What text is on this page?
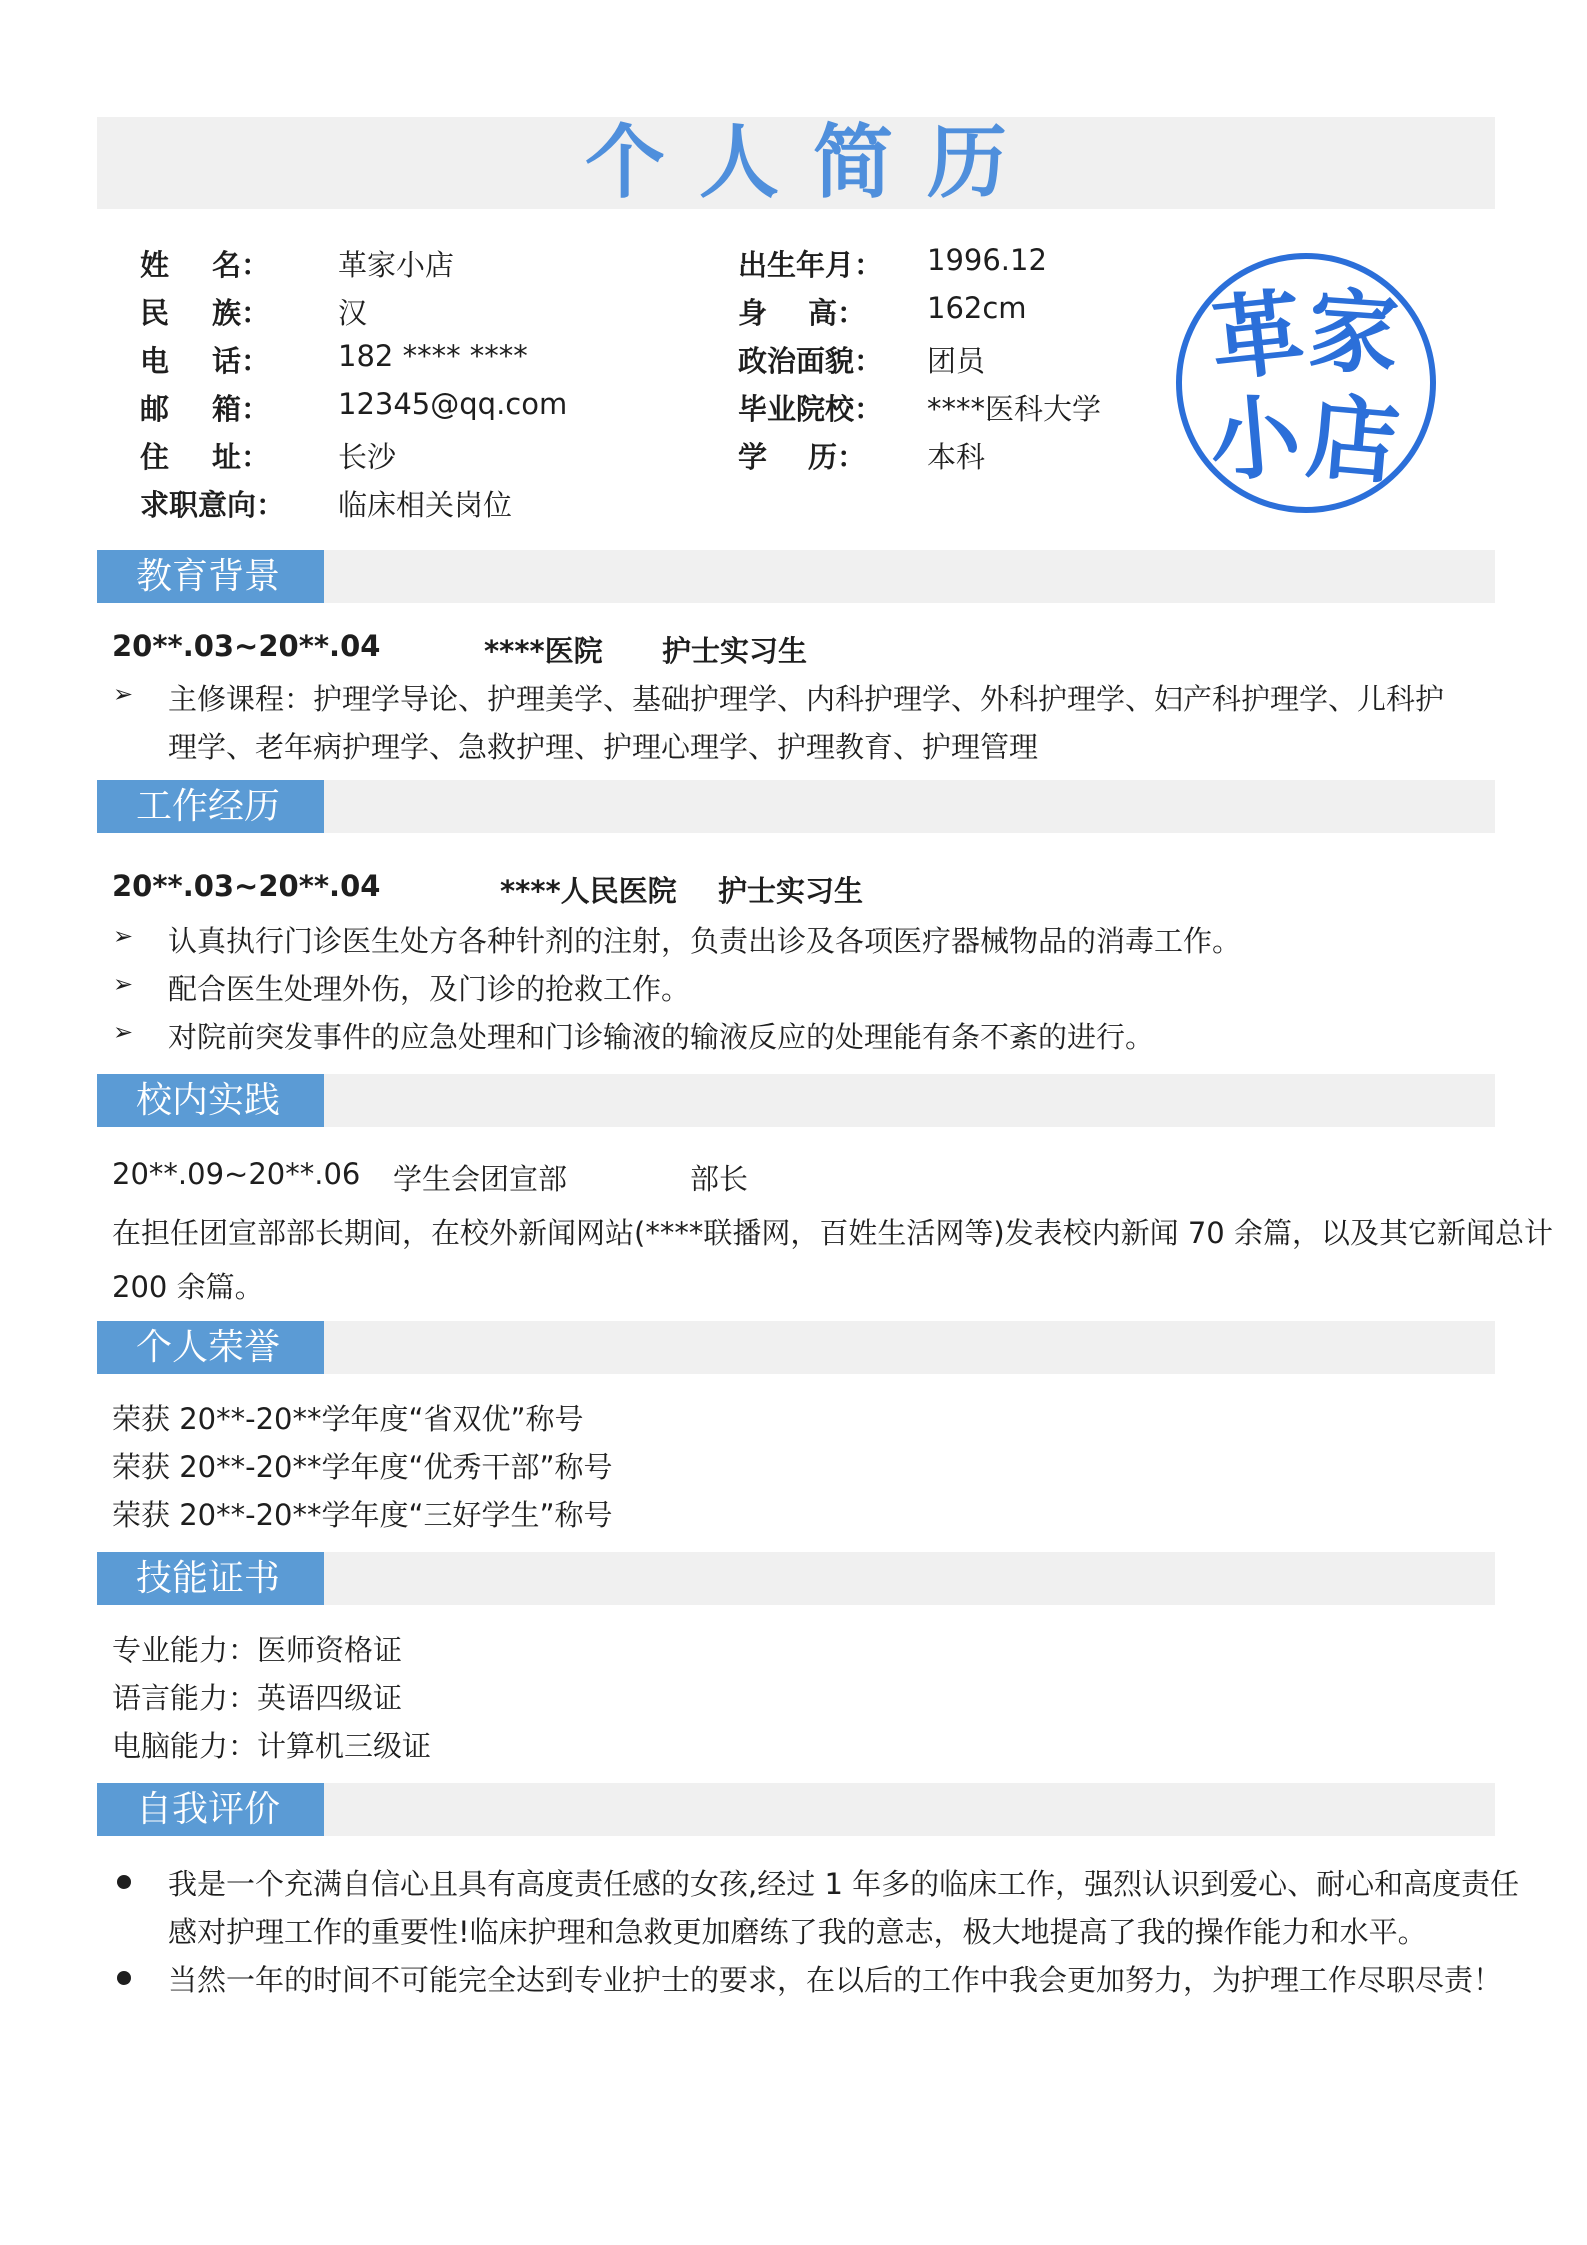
个人简历
姓 名： 革家小店
民 族： 汉
电 话： 182 **** ****
邮 箱： 12345@qq.com
住 址： 长沙
求职意向： 临床相关岗位
出生年月： 1996.12
身 高： 162cm
政治面貌： 团员
毕业院校： ****医科大学
学 历： 本科
革
家
小
店
教育背景
20**.03~20**.04	****医院 护士实习生
➢ 主修课程：护理学导论、护理美学、基础护理学、内科护理学、外科护理学、妇产科护理学、儿科护
理学、老年病护理学、急救护理、护理心理学、护理教育、护理管理
工作经历
20**.03~20**.04	****人民医院 护士实习生
➢ 认真执行门诊医生处方各种针剂的注射，负责出诊及各项医疗器械物品的消毒工作。
➢ 配合医生处理外伤，及门诊的抢救工作。
➢ 对院前突发事件的应急处理和门诊输液的输液反应的处理能有条不紊的进行。
校内实践
20**.09~20**.06 学生会团宣部	部长
在担任团宣部部长期间，在校外新闻网站(****联播网，百姓生活网等)发表校内新闻 70 余篇，以及其它新闻总计
200 余篇。
个人荣誉
荣获 20**-20**学年度“省双优”称号
荣获 20**-20**学年度“优秀干部”称号
荣获 20**-20**学年度“三好学生”称号
技能证书
专业能力：医师资格证
语言能力：英语四级证
电脑能力：计算机三级证
自我评价
我是一个充满自信心且具有高度责任感的女孩,经过 1 年多的临床工作，强烈认识到爱心、耐心和高度责任
感对护理工作的重要性!临床护理和急救更加磨练了我的意志，极大地提高了我的操作能力和水平。
当然一年的时间不可能完全达到专业护士的要求，在以后的工作中我会更加努力，为护理工作尽职尽责！
